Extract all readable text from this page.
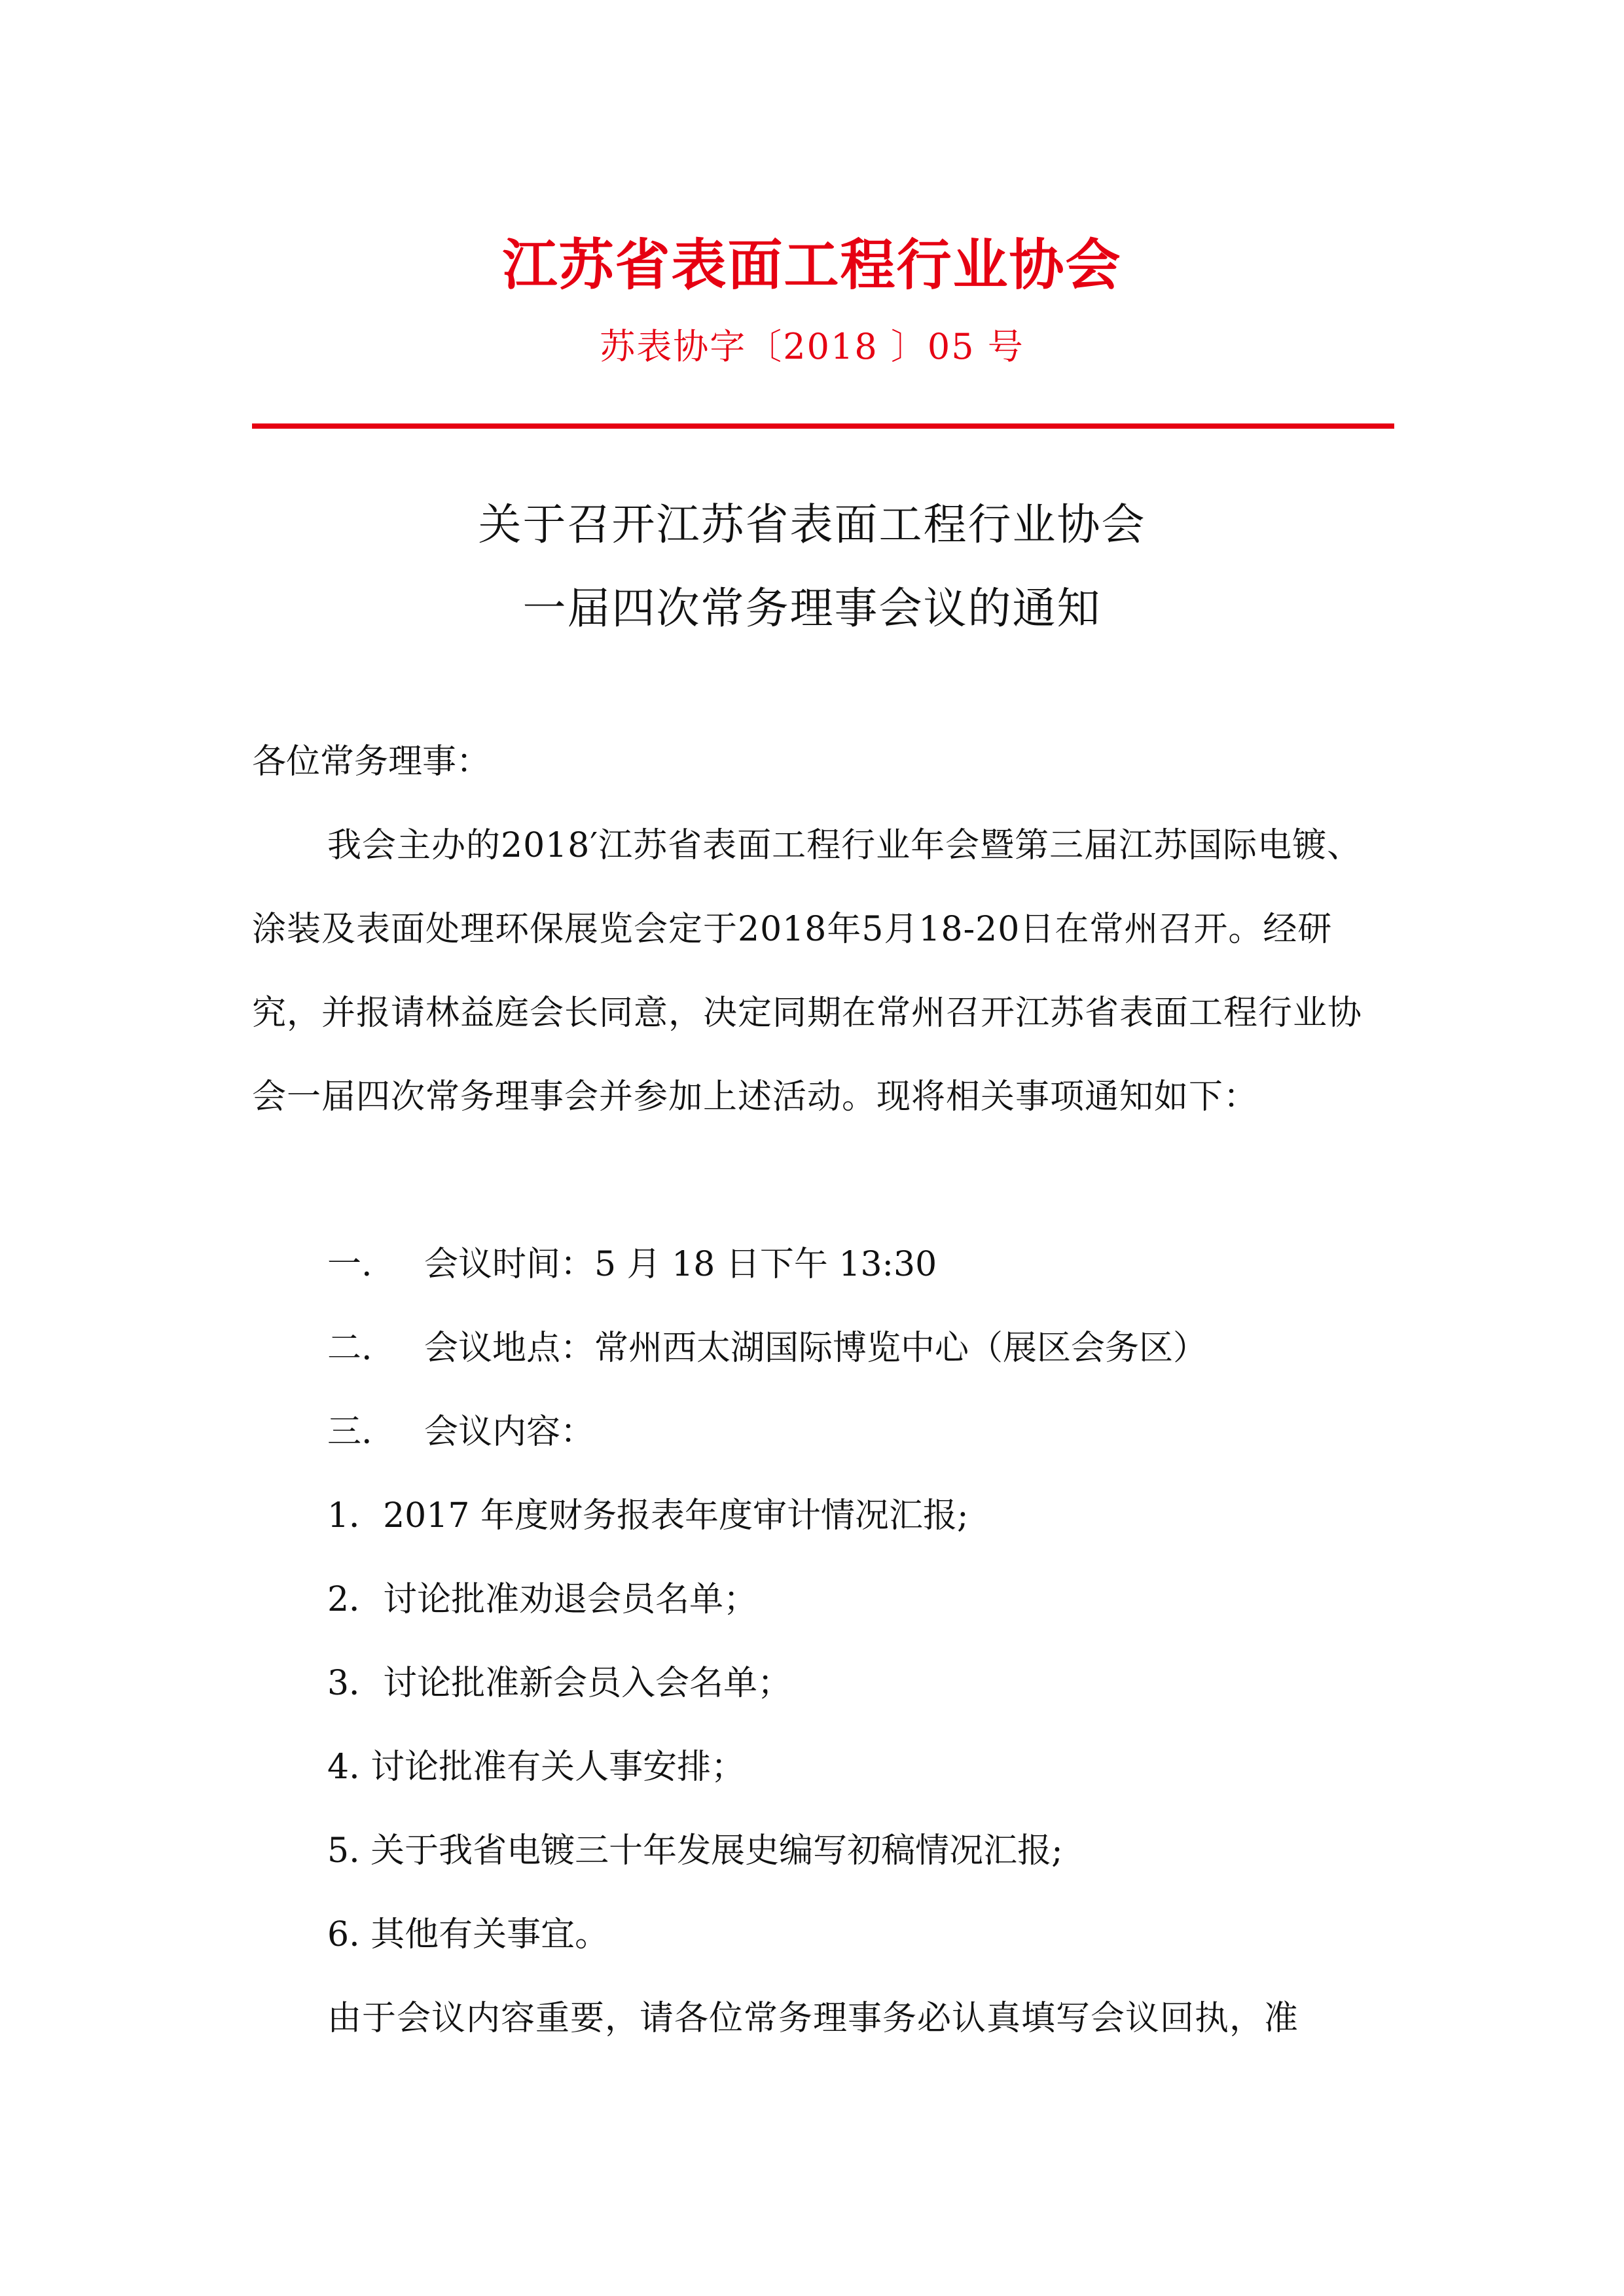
江苏省表面工程行业协会
苏表协字〔2018 〕05 号
关于召开江苏省表面工程行业协会
一届四次常务理事会议的通知
各位常务理事：
我会主办的2018′江苏省表面工程行业年会暨第三届江苏国际电镀、涂装及表面处理环保展览会定于2018年5月18-20日在常州召开。经研究，并报请林益庭会长同意，决定同期在常州召开江苏省表面工程行业协会一届四次常务理事会并参加上述活动。现将相关事项通知如下：
一. 会议时间：5 月 18 日下午 13:30
二. 会议地点：常州西太湖国际博览中心（展区会务区）
三. 会议内容：
1．2017 年度财务报表年度审计情况汇报;
2．讨论批准劝退会员名单；
3．讨论批准新会员入会名单；
4. 讨论批准有关人事安排；
5. 关于我省电镀三十年发展史编写初稿情况汇报;
6. 其他有关事宜。
由于会议内容重要，请各位常务理事务必认真填写会议回执，准
